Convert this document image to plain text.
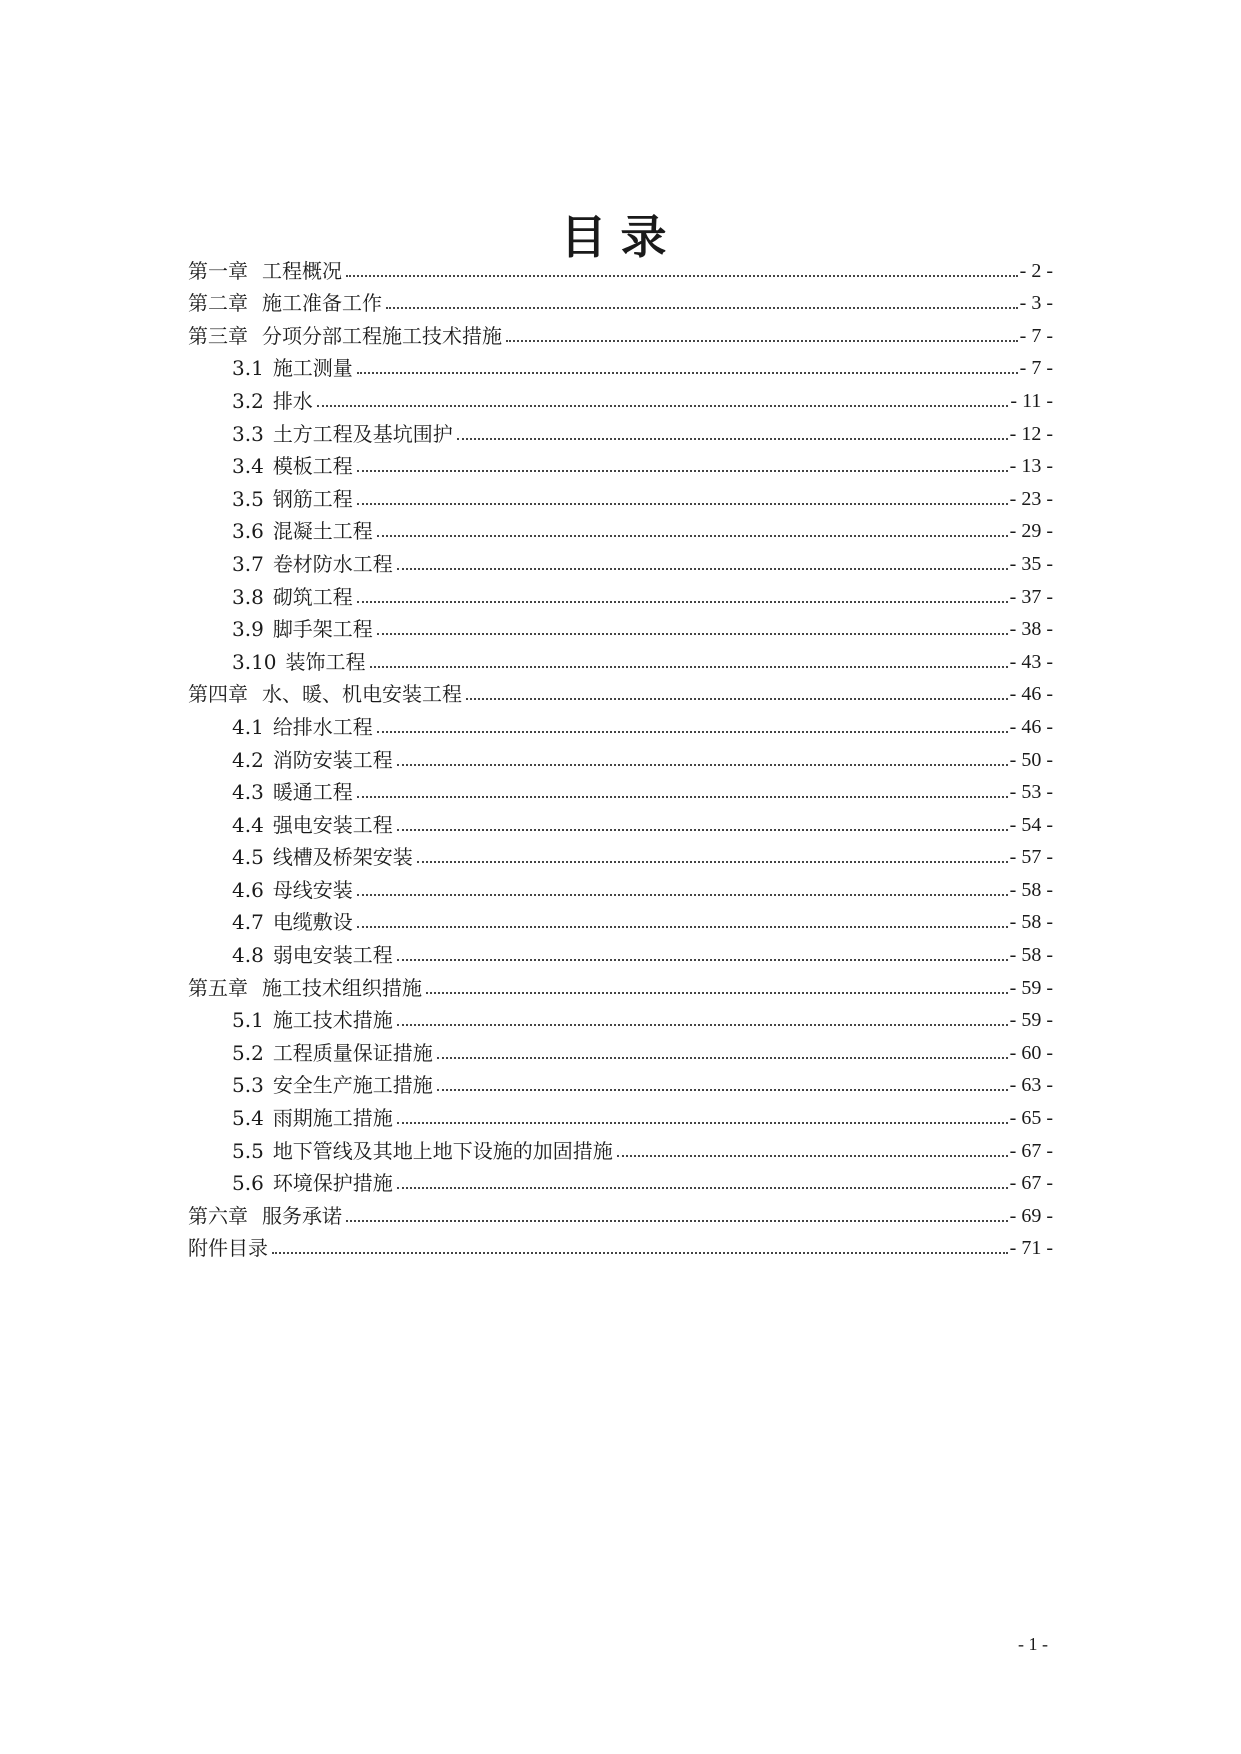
目录
第一章 工程概况	- 2 -
第二章 施工准备工作	- 3 -
第三章 分项分部工程施工技术措施	- 7 -
3.1 施工测量	- 7 -
3.2 排水	- 11 -
3.3 土方工程及基坑围护	- 12 -
3.4 模板工程	- 13 -
3.5 钢筋工程	- 23 -
3.6 混凝土工程	- 29 -
3.7 卷材防水工程	- 35 -
3.8 砌筑工程	- 37 -
3.9 脚手架工程	- 38 -
3.10 装饰工程	- 43 -
第四章 水、暖、机电安装工程	- 46 -
4.1 给排水工程	- 46 -
4.2 消防安装工程	- 50 -
4.3 暖通工程	- 53 -
4.4 强电安装工程	- 54 -
4.5 线槽及桥架安装	- 57 -
4.6 母线安装	- 58 -
4.7 电缆敷设	- 58 -
4.8 弱电安装工程	- 58 -
第五章 施工技术组织措施	- 59 -
5.1 施工技术措施	- 59 -
5.2 工程质量保证措施	- 60 -
5.3 安全生产施工措施	- 63 -
5.4 雨期施工措施	- 65 -
5.5 地下管线及其地上地下设施的加固措施	- 67 -
5.6 环境保护措施	- 67 -
第六章 服务承诺	- 69 -
附件目录	- 71 -
- 1 -
